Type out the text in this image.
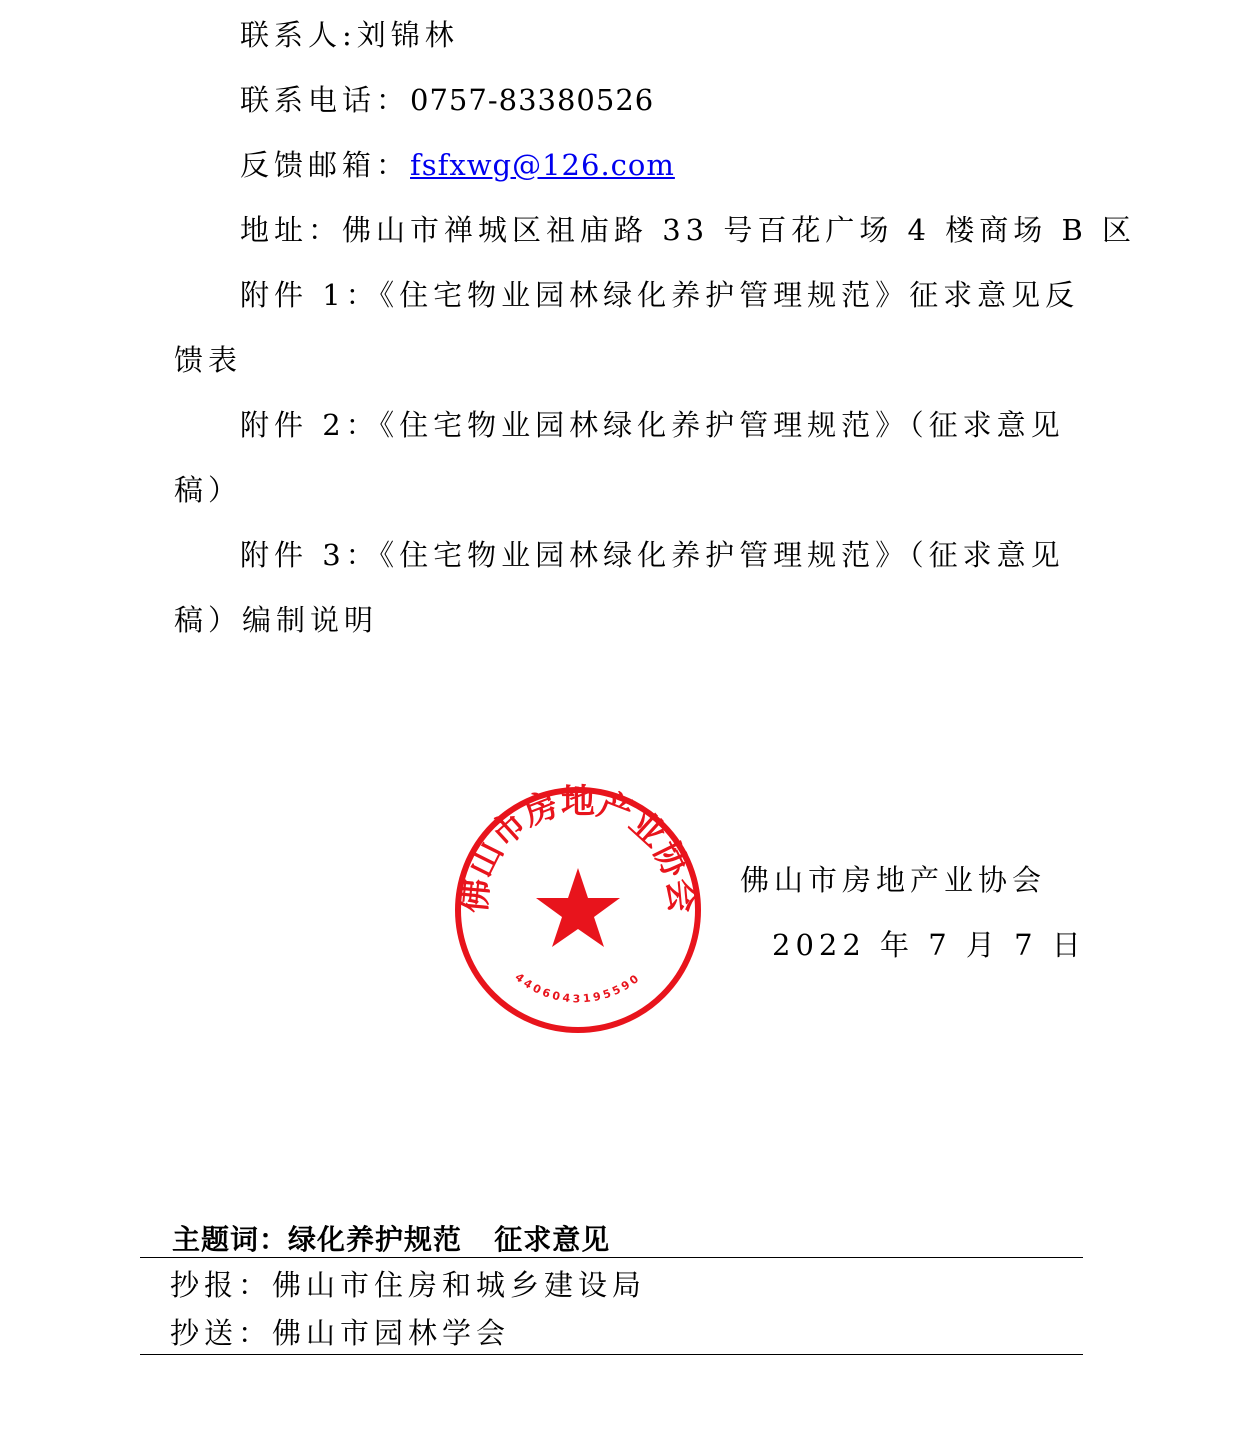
联系人:刘锦林
联系电话：0757-83380526
反馈邮箱：fsfxwg@126.com
地址：佛山市禅城区祖庙路 33 号百花广场 4 楼商场 B 区
附件 1：《住宅物业园林绿化养护管理规范》征求意见反
馈表
附件 2：《住宅物业园林绿化养护管理规范》（征求意见
稿）
附件 3：《住宅物业园林绿化养护管理规范》（征求意见
稿）编制说明
佛山市房地产业协会
2022 年 7 月 7 日
佛山市房地产业协会
4406043195590
主题词：绿化养护规范   征求意见
抄报：佛山市住房和城乡建设局
抄送：佛山市园林学会
